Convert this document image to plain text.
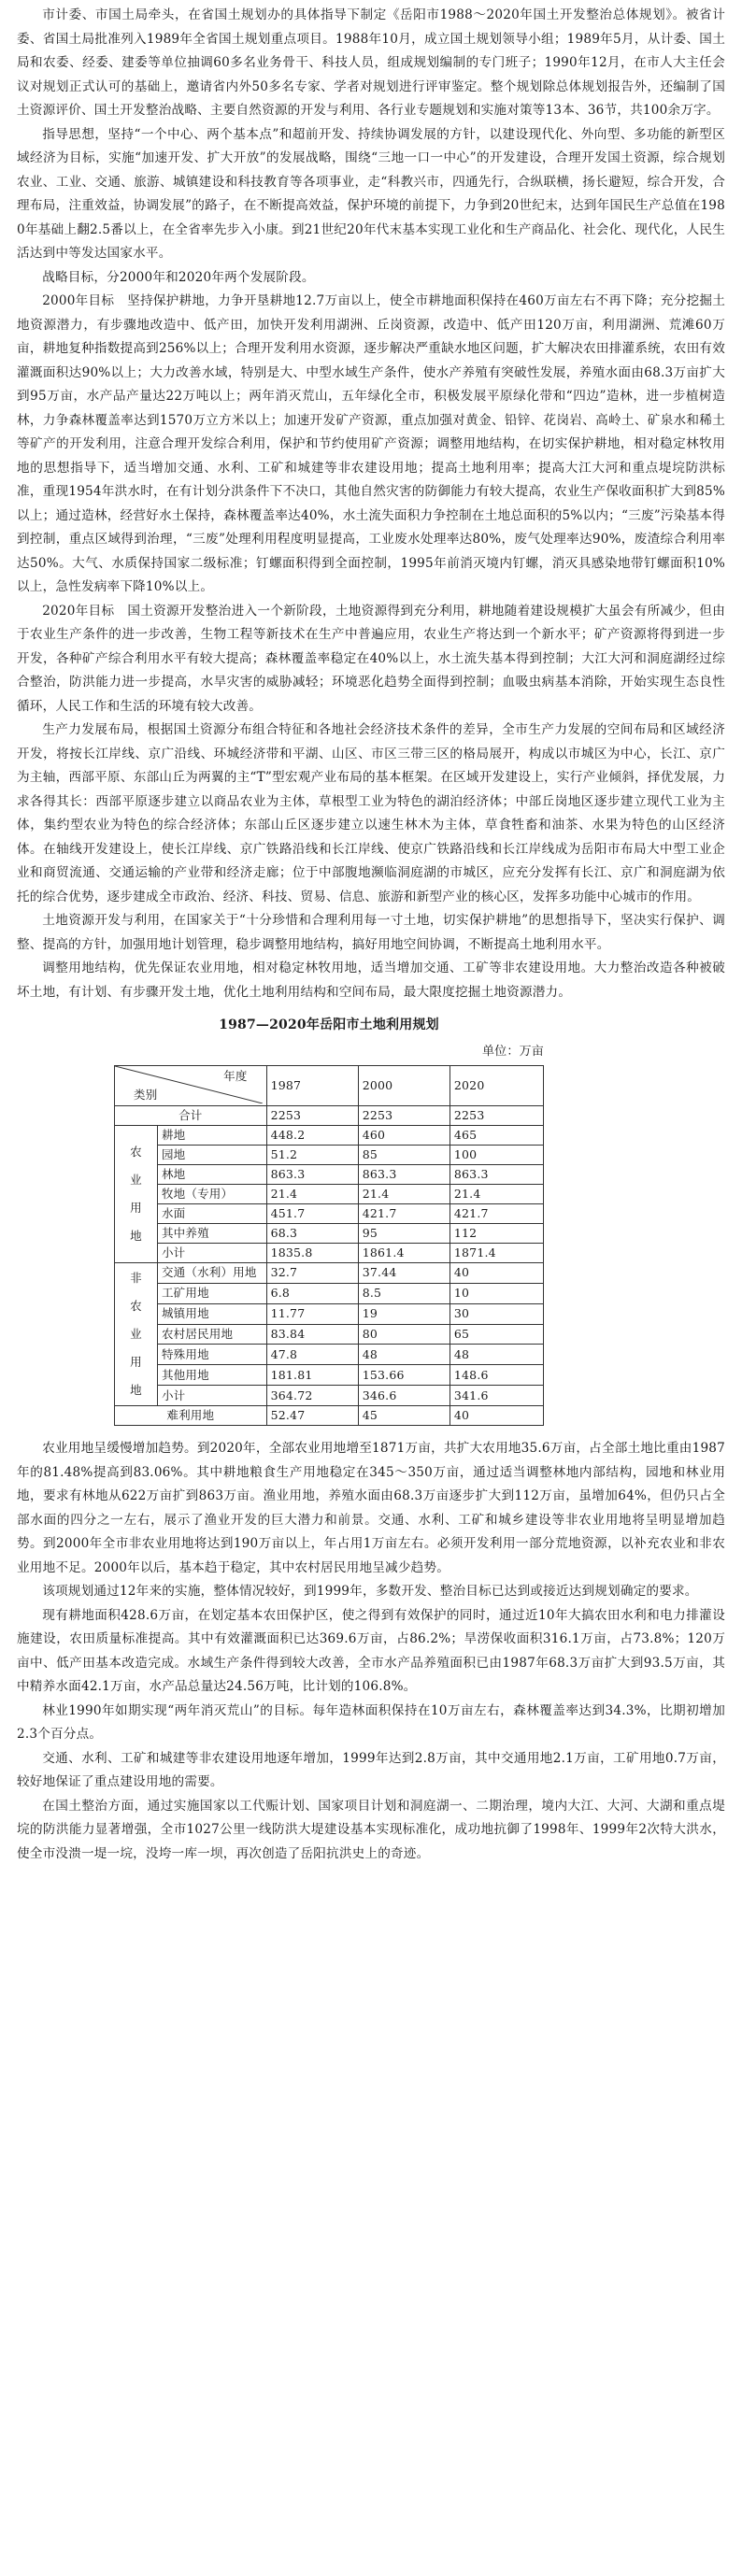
市计委、市国土局牵头，在省国土规划办的具体指导下制定《岳阳市1988～2020年国土开发整治总体规划》。被省计委、省国土局批准列入1989年全省国土规划重点项目。1988年10月，成立国土规划领导小组；1989年5月，从计委、国土局和农委、经委、建委等单位抽调60多名业务骨干、科技人员，组成规划编制的专门班子；1990年12月，在市人大主任会议对规划正式认可的基础上，邀请省内外50多名专家、学者对规划进行评审鉴定。整个规划除总体规划报告外，还编制了国土资源评价、国土开发整治战略、主要自然资源的开发与利用、各行业专题规划和实施对策等13本、36节，共100余万字。

指导思想，坚持“一个中心、两个基本点”和超前开发、持续协调发展的方针，以建设现代化、外向型、多功能的新型区域经济为目标，实施“加速开发、扩大开放”的发展战略，围绕“三地一口一中心”的开发建设，合理开发国土资源，综合规划农业、工业、交通、旅游、城镇建设和科技教育等各项事业，走“科教兴市，四通先行，合纵联横，扬长避短，综合开发，合理布局，注重效益，协调发展”的路子，在不断提高效益，保护环境的前提下，力争到20世纪末，达到年国民生产总值在1980年基础上翻2.5番以上，在全省率先步入小康。到21世纪20年代末基本实现工业化和生产商品化、社会化、现代化，人民生活达到中等发达国家水平。

战略目标，分2000年和2020年两个发展阶段。

2000年目标　坚持保护耕地，力争开垦耕地12.7万亩以上，使全市耕地面积保持在460万亩左右不再下降；充分挖掘土地资源潜力，有步骤地改造中、低产田，加快开发利用湖洲、丘岗资源，改造中、低产田120万亩，利用湖洲、荒滩60万亩，耕地复种指数提高到256%以上；合理开发利用水资源，逐步解决严重缺水地区问题，扩大解决农田排灌系统，农田有效灌溉面积达90%以上；大力改善水域，特别是大、中型水域生产条件，使水产养殖有突破性发展，养殖水面由68.3万亩扩大到95万亩，水产品产量达22万吨以上；两年消灭荒山，五年绿化全市，积极发展平原绿化带和“四边”造林，进一步植树造林，力争森林覆盖率达到1570万立方米以上；加速开发矿产资源，重点加强对黄金、铅锌、花岗岩、高岭土、矿泉水和稀土等矿产的开发利用，注意合理开发综合利用，保护和节约使用矿产资源；调整用地结构，在切实保护耕地，相对稳定林牧用地的思想指导下，适当增加交通、水利、工矿和城建等非农建设用地；提高土地利用率；提高大江大河和重点堤垸防洪标准，重现1954年洪水时，在有计划分洪条件下不决口，其他自然灾害的防御能力有较大提高，农业生产保收面积扩大到85%以上；通过造林，经营好水土保持，森林覆盖率达40%，水土流失面积力争控制在土地总面积的5%以内；“三废”污染基本得到控制，重点区域得到治理，“三废”处理利用程度明显提高，工业废水处理率达80%，废气处理率达90%，废渣综合利用率达50%。大气、水质保持国家二级标准；钉螺面积得到全面控制，1995年前消灭境内钉螺，消灭具感染地带钉螺面积10%以上，急性发病率下降10%以上。

2020年目标　国土资源开发整治进入一个新阶段，土地资源得到充分利用，耕地随着建设规模扩大虽会有所减少，但由于农业生产条件的进一步改善，生物工程等新技术在生产中普遍应用，农业生产将达到一个新水平；矿产资源将得到进一步开发，各种矿产综合利用水平有较大提高；森林覆盖率稳定在40%以上，水土流失基本得到控制；大江大河和洞庭湖经过综合整治，防洪能力进一步提高，水旱灾害的威胁减轻；环境恶化趋势全面得到控制；血吸虫病基本消除，开始实现生态良性循环，人民工作和生活的环境有较大改善。

生产力发展布局，根据国土资源分布组合特征和各地社会经济技术条件的差异，全市生产力发展的空间布局和区域经济开发，将按长江岸线、京广沿线、环城经济带和平湖、山区、市区三带三区的格局展开，构成以市城区为中心，长江、京广为主轴，西部平原、东部山丘为两翼的主“T”型宏观产业布局的基本框架。在区域开发建设上，实行产业倾斜，择优发展，力求各得其长：西部平原逐步建立以商品农业为主体，草根型工业为特色的湖泊经济体；中部丘岗地区逐步建立现代工业为主体，集约型农业为特色的综合经济体；东部山丘区逐步建立以速生林木为主体，草食牲畜和油茶、水果为特色的山区经济体。在轴线开发建设上，使长江岸线、京广铁路沿线和长江岸线、使京广铁路沿线和长江岸线成为岳阳市布局大中型工业企业和商贸流通、交通运输的产业带和经济走廊；位于中部腹地濒临洞庭湖的市城区，应充分发挥有长江、京广和洞庭湖为依托的综合优势，逐步建成全市政治、经济、科技、贸易、信息、旅游和新型产业的核心区，发挥多功能中心城市的作用。

土地资源开发与利用，在国家关于“十分珍惜和合理利用每一寸土地，切实保护耕地”的思想指导下，坚决实行保护、调整、提高的方针，加强用地计划管理，稳步调整用地结构，搞好用地空间协调，不断提高土地利用水平。

调整用地结构，优先保证农业用地，相对稳定林牧用地，适当增加交通、工矿等非农建设用地。大力整治改造各种被破坏土地，有计划、有步骤开发土地，优化土地利用结构和空间布局，最大限度挖掘土地资源潜力。

1987—2020年岳阳市土地利用规划

单位：万亩

年度
类别		1987	2000	2020
合计		2253	2253	2253

农
业
用
地	耕地	448.2	460	465
	园地	51.2	85	100
	林地	863.3	863.3	863.3
	牧地（专用）	21.4	21.4	21.4
	水面	451.7	421.7	421.7
	其中养殖	68.3	95	112
	小计	1835.8	1861.4	1871.4

非
农
业
用
地	交通（水利）用地	32.7	37.44	40
	工矿用地	6.8	8.5	10
	城镇用地	11.77	19	30
	农村居民用地	83.84	80	65
	特殊用地	47.8	48	48
	其他用地	181.81	153.66	148.6
	小计	364.72	346.6	341.6
难利用地		52.47	45	40

农业用地呈缓慢增加趋势。到2020年，全部农业用地增至1871万亩，共扩大农用地35.6万亩，占全部土地比重由1987年的81.48%提高到83.06%。其中耕地粮食生产用地稳定在345～350万亩，通过适当调整林地内部结构，园地和林业用地，要求有林地从622万亩扩到863万亩。渔业用地，养殖水面由68.3万亩逐步扩大到112万亩，虽增加64%，但仍只占全部水面的四分之一左右，展示了渔业开发的巨大潜力和前景。交通、水利、工矿和城乡建设等非农业用地将呈明显增加趋势。到2000年全市非农业用地将达到190万亩以上，年占用1万亩左右。必须开发利用一部分荒地资源，以补充农业和非农业用地不足。2000年以后，基本趋于稳定，其中农村居民用地呈减少趋势。

该项规划通过12年来的实施，整体情况较好，到1999年，多数开发、整治目标已达到或接近达到规划确定的要求。

现有耕地面积428.6万亩，在划定基本农田保护区，使之得到有效保护的同时，通过近10年大搞农田水利和电力排灌设施建设，农田质量标准提高。其中有效灌溉面积已达369.6万亩，占86.2%；旱涝保收面积316.1万亩，占73.8%；120万亩中、低产田基本改造完成。水域生产条件得到较大改善，全市水产品养殖面积已由1987年68.3万亩扩大到93.5万亩，其中精养水面42.1万亩，水产品总量达24.56万吨，比计划的106.8%。

林业1990年如期实现“两年消灭荒山”的目标。每年造林面积保持在10万亩左右，森林覆盖率达到34.3%，比期初增加2.3个百分点。

交通、水利、工矿和城建等非农建设用地逐年增加，1999年达到2.8万亩，其中交通用地2.1万亩，工矿用地0.7万亩，较好地保证了重点建设用地的需要。

在国土整治方面，通过实施国家以工代赈计划、国家项目计划和洞庭湖一、二期治理，境内大江、大河、大湖和重点堤垸的防洪能力显著增强，全市1027公里一线防洪大堤建设基本实现标准化，成功地抗御了1998年、1999年2次特大洪水，使全市没溃一堤一垸，没垮一库一坝，再次创造了岳阳抗洪史上的奇迹。
